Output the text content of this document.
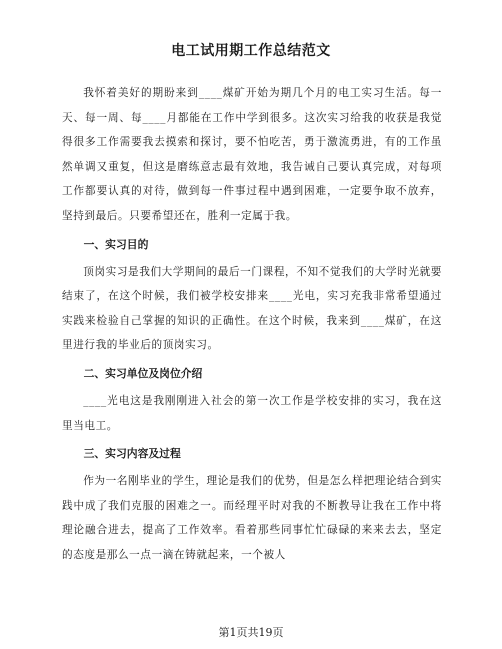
电工试用期工作总结范文

我怀着美好的期盼来到____煤矿开始为期几个月的电工实习生活。每一天、每一周、每____月都能在工作中学到很多。这次实习给我的收获是我觉得很多工作需要我去摸索和探讨，要不怕吃苦，勇于激流勇进，有的工作虽然单调又重复，但这是磨练意志最有效地，我告诫自己要认真完成，对每项工作都要认真的对待，做到每一件事过程中遇到困难，一定要争取不放弃，坚持到最后。只要希望还在，胜利一定属于我。

一、实习目的

顶岗实习是我们大学期间的最后一门课程，不知不觉我们的大学时光就要结束了，在这个时候，我们被学校安排来____光电，实习充我非常希望通过实践来检验自己掌握的知识的正确性。在这个时候，我来到____煤矿，在这里进行我的毕业后的顶岗实习。

二、实习单位及岗位介绍

____光电这是我刚刚进入社会的第一次工作是学校安排的实习，我在这里当电工。

三、实习内容及过程

作为一名刚毕业的学生，理论是我们的优势，但是怎么样把理论结合到实践中成了我们克服的困难之一。而经理平时对我的不断教导让我在工作中将理论融合进去，提高了工作效率。看着那些同事忙忙碌碌的来来去去，坚定的态度是那么一点一滴在铸就起来，一个被人

第1页共19页
